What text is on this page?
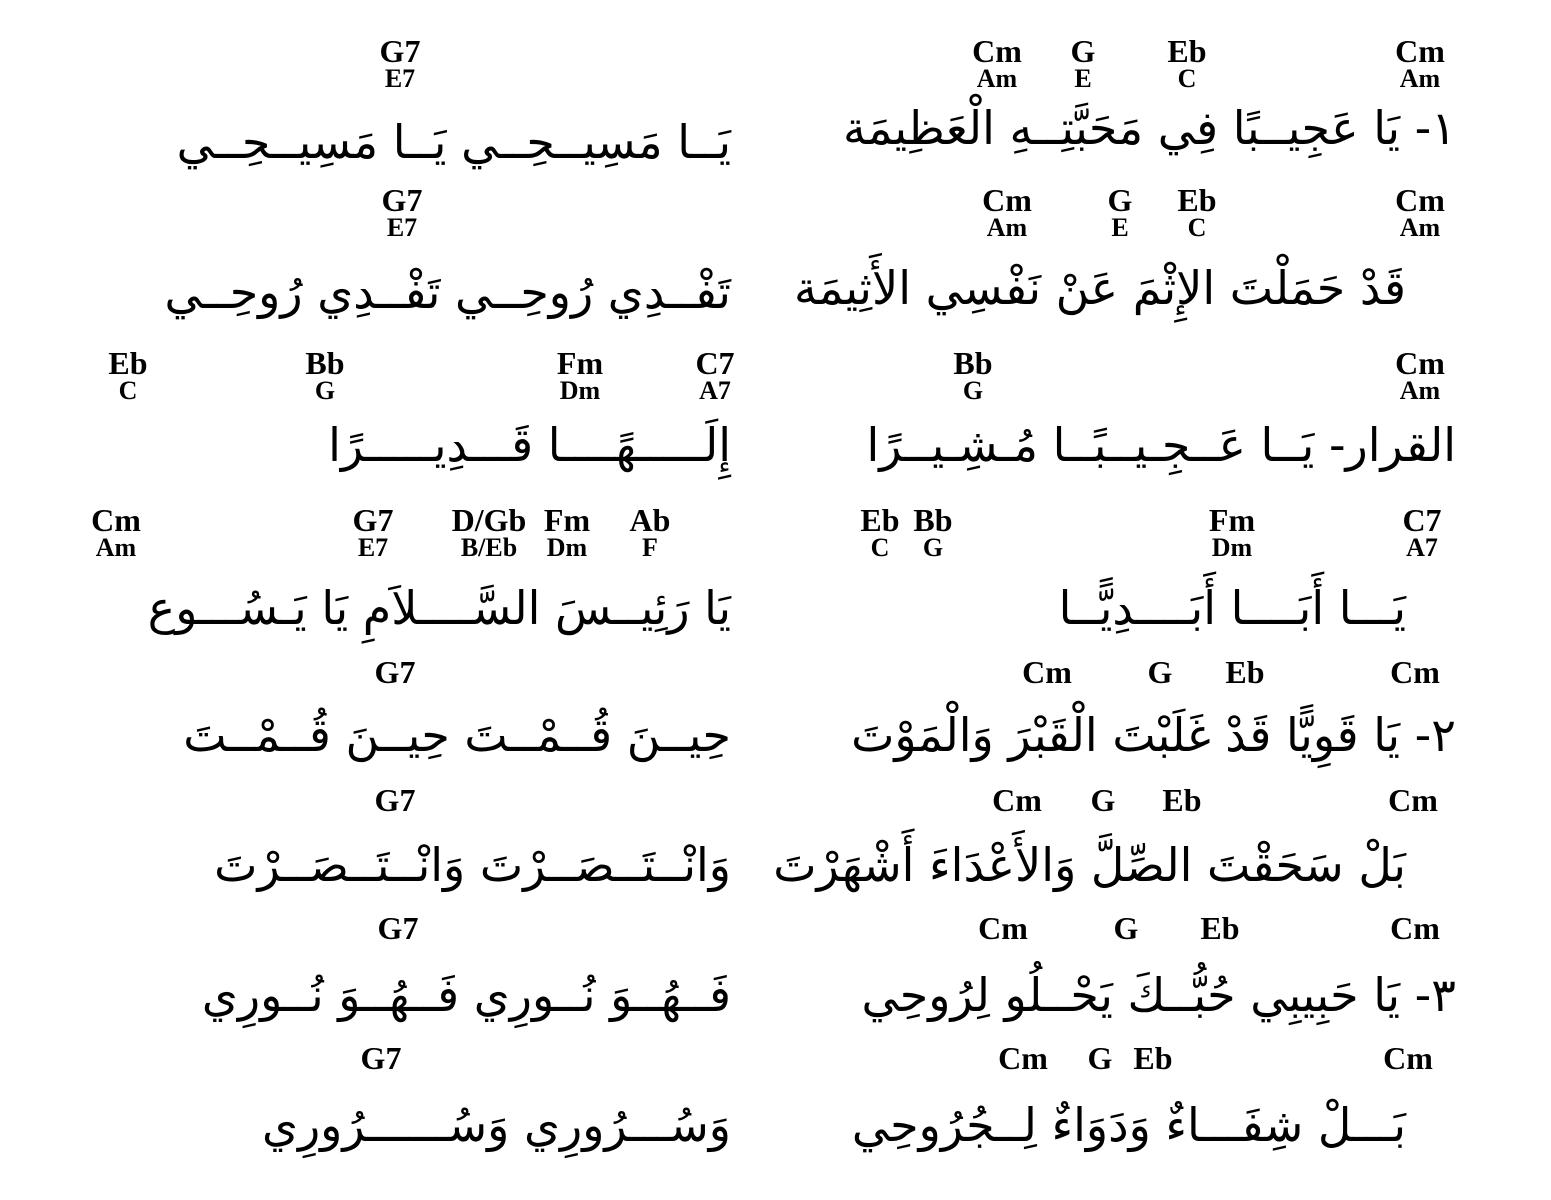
G7
E7
Cm
Am
G
E
Eb
C
Cm
Am
١- يَا عَجِيــبًا فِي مَحَبَّتِــهِ الْعَظِيمَة
يَــا مَسِيــحِــي يَــا مَسِيــحِــي
G7
E7
Cm
Am
G
E
Eb
C
Cm
Am
قَدْ حَمَلْتَ الإِثْمَ عَنْ نَفْسِي الأَثِيمَة
تَفْــدِي رُوحِــي تَفْــدِي رُوحِــي
Eb
C
Bb
G
Fm
Dm
C7
A7
Bb
G
Cm
Am
القرار- يَــا عَــجِـيــبًــا مُـشِـيــرًا
إِلَـــــهًــــا قَـــدِيـــــرًا
Cm
Am
G7
E7
D/Gb
B/Eb
Fm
Dm
Ab
F
Eb
C
Bb
G
Fm
Dm
C7
A7
يَـــا أَبَــــا أَبَــــدِيًّــا
يَا رَئِيــسَ السَّــــلاَمِ يَا يَـسُـــوع
G7	Cm	G Eb	Cm
٢- يَا قَوِيًّا قَدْ غَلَبْتَ الْقَبْرَ وَالْمَوْتَ
حِيــنَ قُــمْــتَ حِيــنَ قُــمْــتَ
G7	Cm	G Eb	Cm
بَلْ سَحَقْتَ الصِّلَّ وَالأَعْدَاءَ أَشْهَرْتَ
وَانْــتَــصَــرْتَ وَانْــتَــصَــرْتَ
G7	Cm	G Eb	Cm
٣- يَا حَبِيبِي حُبُّــكَ يَحْــلُو لِرُوحِي
فَــهُــوَ نُــورِي فَــهُــوَ نُــورِي
G7	Cm	G Eb	Cm
بَـــلْ شِفَـــاءٌ وَدَوَاءٌ لِــجُرُوحِي
وَسُـــرُورِي وَسُــــــرُورِي
